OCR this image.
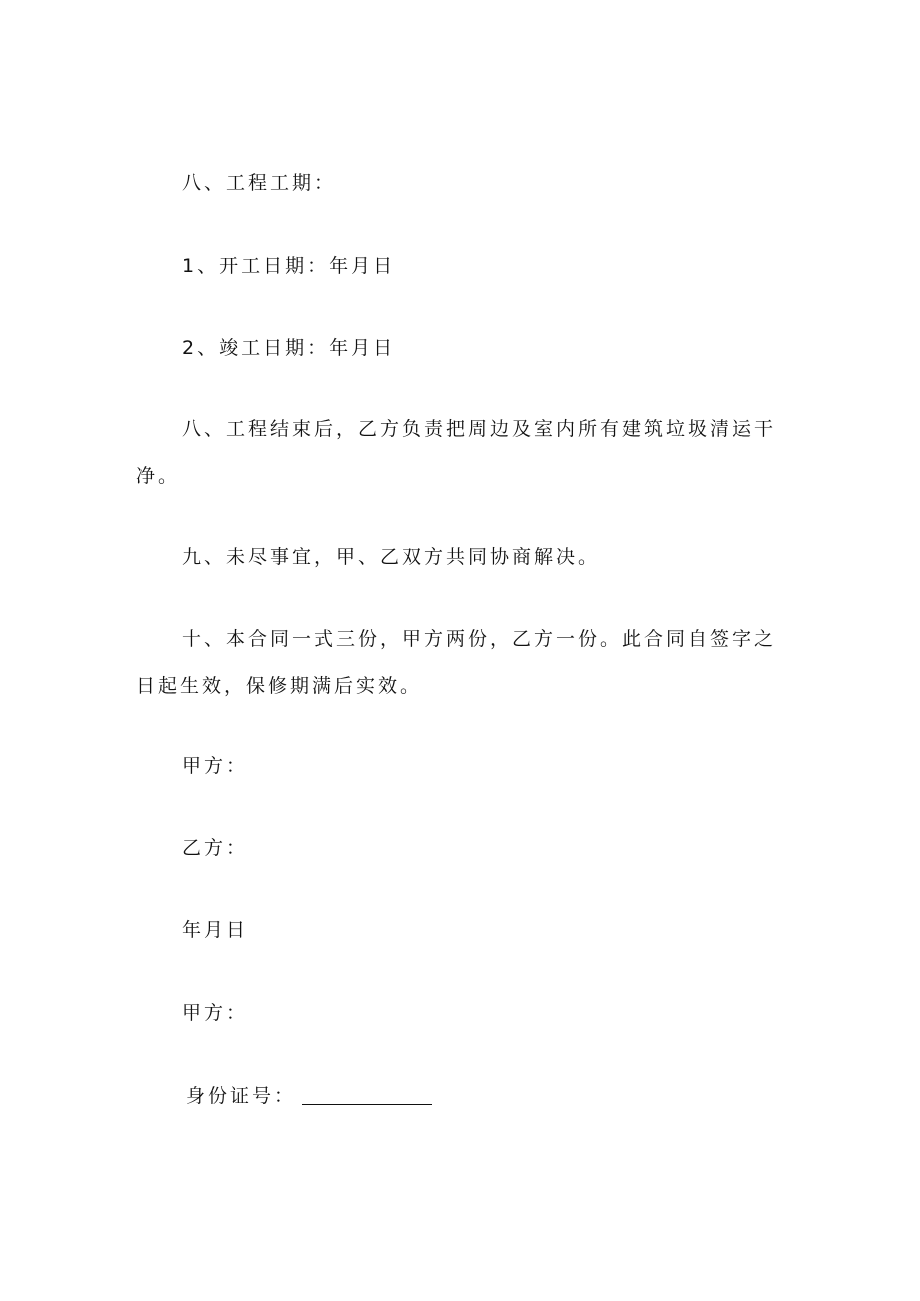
八、工程工期：
1、开工日期：年月日
2、竣工日期：年月日
八、工程结束后，乙方负责把周边及室内所有建筑垃圾清运干净。
九、未尽事宜，甲、乙双方共同协商解决。
十、本合同一式三份，甲方两份，乙方一份。此合同自签字之日起生效，保修期满后实效。
甲方：
乙方：
年月日
甲方：
身份证号：
